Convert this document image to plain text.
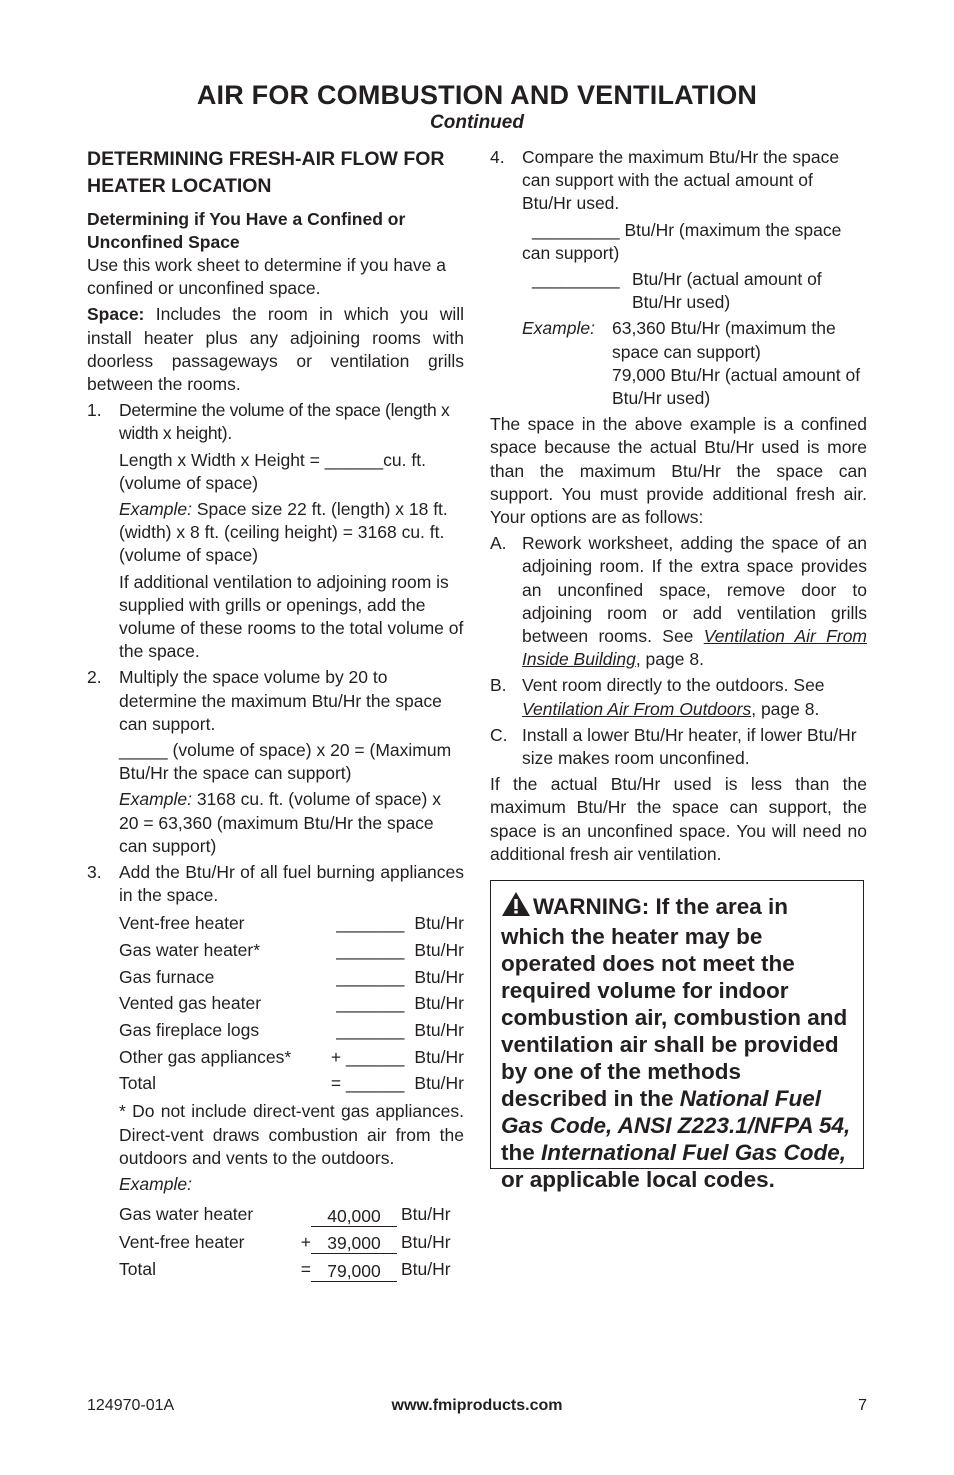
AIR FOR COMBUSTION AND VENTILATION
Continued
DETERMINING FRESH-AIR FLOW FOR HEATER LOCATION
Determining if You Have a Confined or Unconfined Space

Use this work sheet to determine if you have a confined or unconfined space.

Space: Includes the room in which you will install heater plus any adjoining rooms with doorless passageways or ventilation grills between the rooms.

1. Determine the volume of the space (length x width x height).

Length x Width x Height = ______cu. ft. (volume of space)

Example: Space size 22 ft. (length) x 18 ft. (width) x 8 ft. (ceiling height) = 3168 cu. ft. (volume of space)

If additional ventilation to adjoining room is supplied with grills or openings, add the volume of these rooms to the total volume of the space.

2. Multiply the space volume by 20 to determine the maximum Btu/Hr the space can support.

_____ (volume of space) x 20 = (Maximum Btu/Hr the space can support)

Example: 3168 cu. ft. (volume of space) x 20 = 63,360 (maximum Btu/Hr the space can support)

3. Add the Btu/Hr of all fuel burning appliances in the space.

Vent-free heater	_______	Btu/Hr
Gas water heater*	_______	Btu/Hr
Gas furnace	_______	Btu/Hr
Vented gas heater	_______	Btu/Hr
Gas fireplace logs	_______	Btu/Hr
Other gas appliances*	+ ______	Btu/Hr
Total	= ______	Btu/Hr

* Do not include direct-vent gas appliances. Direct-vent draws combustion air from the outdoors and vents to the outdoors.

Example:

Gas water heater		40,000	Btu/Hr
Vent-free heater	+	39,000	Btu/Hr
Total	=	79,000	Btu/Hr
4. Compare the maximum Btu/Hr the space can support with the actual amount of Btu/Hr used.

_________ Btu/Hr (maximum the space can support)

_________ Btu/Hr (actual amount of Btu/Hr used)
Example: 63,360 Btu/Hr (maximum the space can support)
79,000 Btu/Hr (actual amount of Btu/Hr used)

The space in the above example is a confined space because the actual Btu/Hr used is more than the maximum Btu/Hr the space can support. You must provide additional fresh air. Your options are as follows:

A. Rework worksheet, adding the space of an adjoining room. If the extra space provides an unconfined space, remove door to adjoining room or add ventilation grills between rooms. See Ventilation Air From Inside Building, page 8.
B. Vent room directly to the outdoors. See Ventilation Air From Outdoors, page 8.
C. Install a lower Btu/Hr heater, if lower Btu/Hr size makes room unconfined.

If the actual Btu/Hr used is less than the maximum Btu/Hr the space can support, the space is an unconfined space. You will need no additional fresh air ventilation.

WARNING: If the area in which the heater may be operated does not meet the required volume for indoor combustion air, combustion and ventilation air shall be provided by one of the methods described in the National Fuel Gas Code, ANSI Z223.1/NFPA 54, the International Fuel Gas Code, or applicable local codes.
124970-01A	www.fmiproducts.com	7
